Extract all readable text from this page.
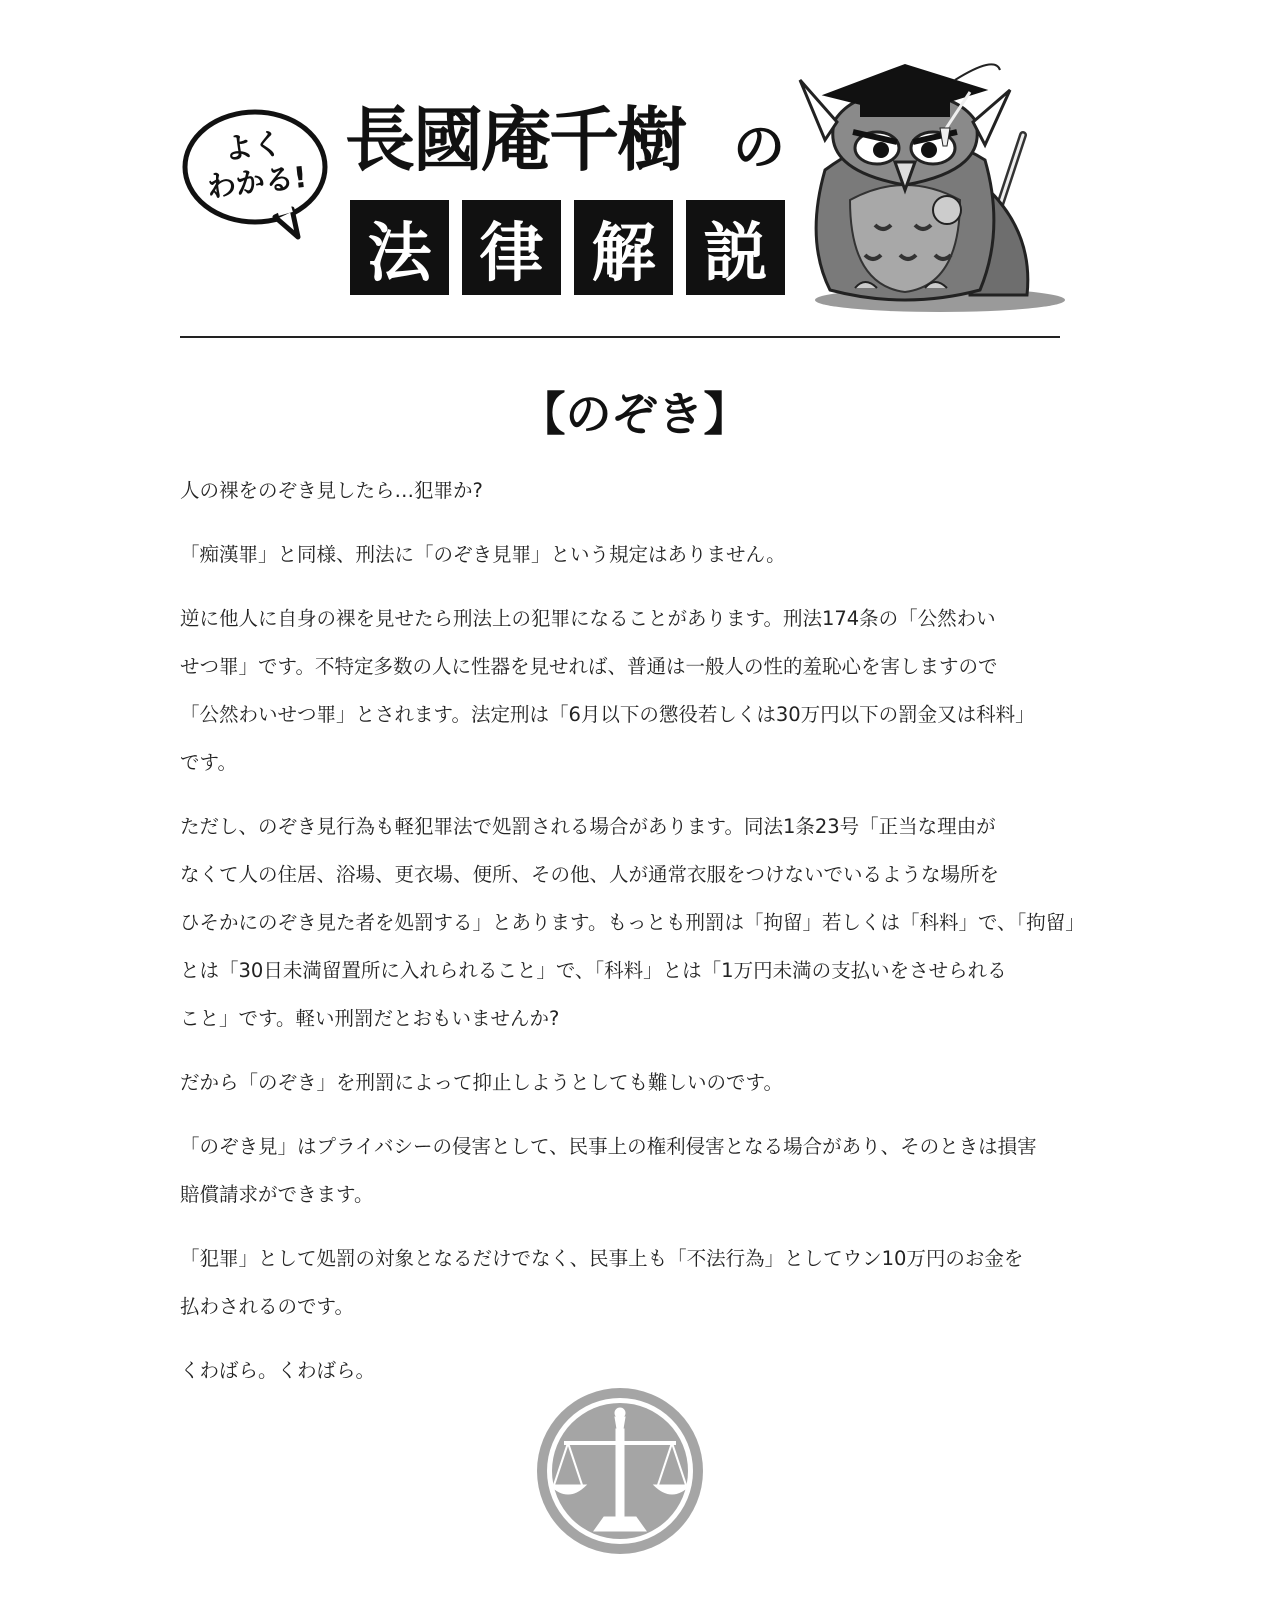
よく
わかる!
長國庵千樹 の
法 律 解 説
【のぞき】

人の裸をのぞき見したら…犯罪か?

「痴漢罪」と同様、刑法に「のぞき見罪」という規定はありません。

逆に他人に自身の裸を見せたら刑法上の犯罪になることがあります。刑法174条の「公然わい
せつ罪」です。不特定多数の人に性器を見せれば、普通は一般人の性的羞恥心を害しますので
「公然わいせつ罪」とされます。法定刑は「6月以下の懲役若しくは30万円以下の罰金又は科料」
です。

ただし、のぞき見行為も軽犯罪法で処罰される場合があります。同法1条23号「正当な理由が
なくて人の住居、浴場、更衣場、便所、その他、人が通常衣服をつけないでいるような場所を
ひそかにのぞき見た者を処罰する」とあります。もっとも刑罰は「拘留」若しくは「科料」で、「拘留」
とは「30日未満留置所に入れられること」で、「科料」とは「1万円未満の支払いをさせられる
こと」です。軽い刑罰だとおもいませんか?

だから「のぞき」を刑罰によって抑止しようとしても難しいのです。

「のぞき見」はプライバシーの侵害として、民事上の権利侵害となる場合があり、そのときは損害
賠償請求ができます。

「犯罪」として処罰の対象となるだけでなく、民事上も「不法行為」としてウン10万円のお金を
払わされるのです。

くわばら。くわばら。
